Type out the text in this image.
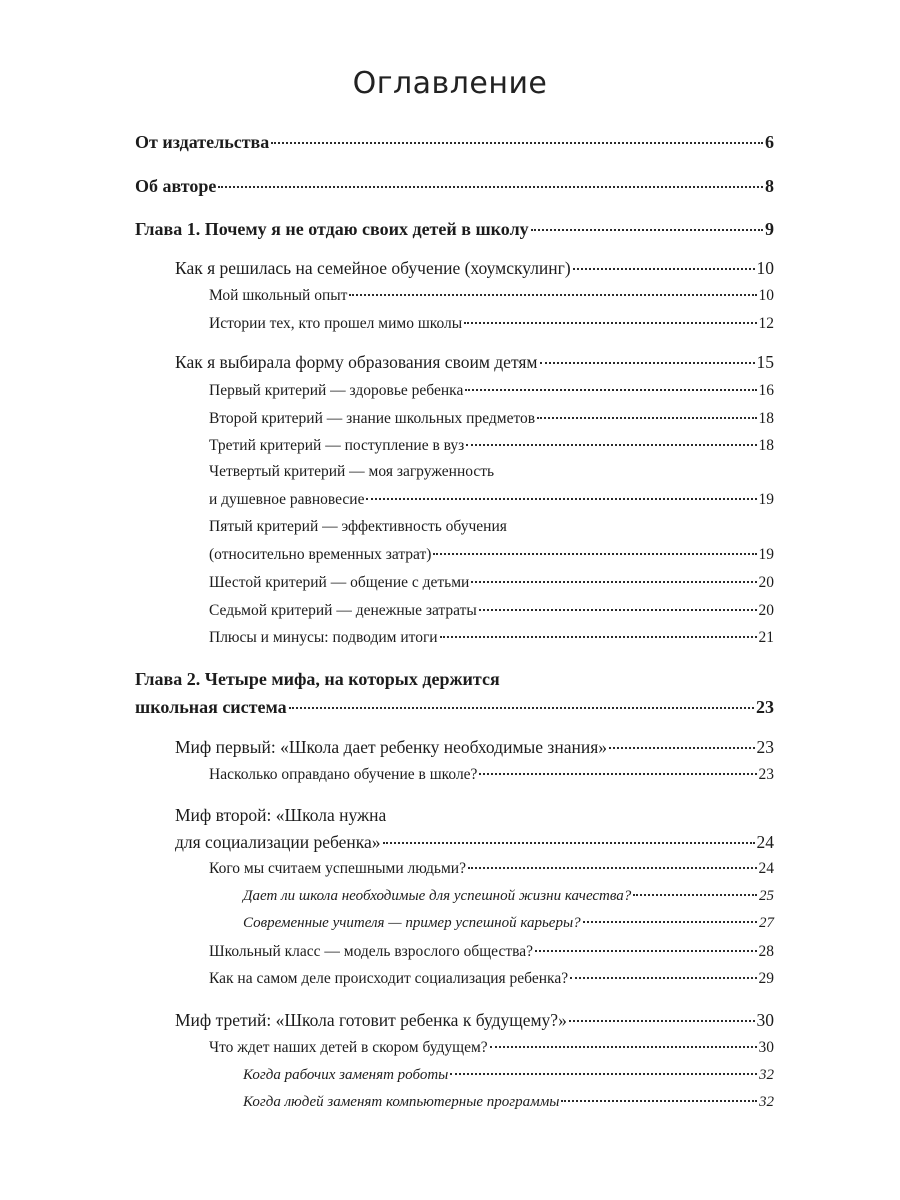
Оглавление
От издательства	6
Об авторе	8
Глава 1. Почему я не отдаю своих детей в школу	9
Как я решилась на семейное обучение (хоумскулинг)	10
Мой школьный опыт	10
Истории тех, кто прошел мимо школы	12
Как я выбирала форму образования своим детям	15
Первый критерий — здоровье ребенка	16
Второй критерий — знание школьных предметов	18
Третий критерий — поступление в вуз	18
Четвертый критерий — моя загруженность
и душевное равновесие	19
Пятый критерий — эффективность обучения
(относительно временных затрат)	19
Шестой критерий — общение с детьми	20
Седьмой критерий — денежные затраты	20
Плюсы и минусы: подводим итоги	21
Глава 2. Четыре мифа, на которых держится
школьная система	23
Миф первый: «Школа дает ребенку необходимые знания»	23
Насколько оправдано обучение в школе?	23
Миф второй: «Школа нужна
для социализации ребенка»	24
Кого мы считаем успешными людьми?	24
Дает ли школа необходимые для успешной жизни качества?	25
Современные учителя — пример успешной карьеры?	27
Школьный класс — модель взрослого общества?	28
Как на самом деле происходит социализация ребенка?	29
Миф третий: «Школа готовит ребенка к будущему?»	30
Что ждет наших детей в скором будущем?	30
Когда рабочих заменят роботы	32
Когда людей заменят компьютерные программы	32
